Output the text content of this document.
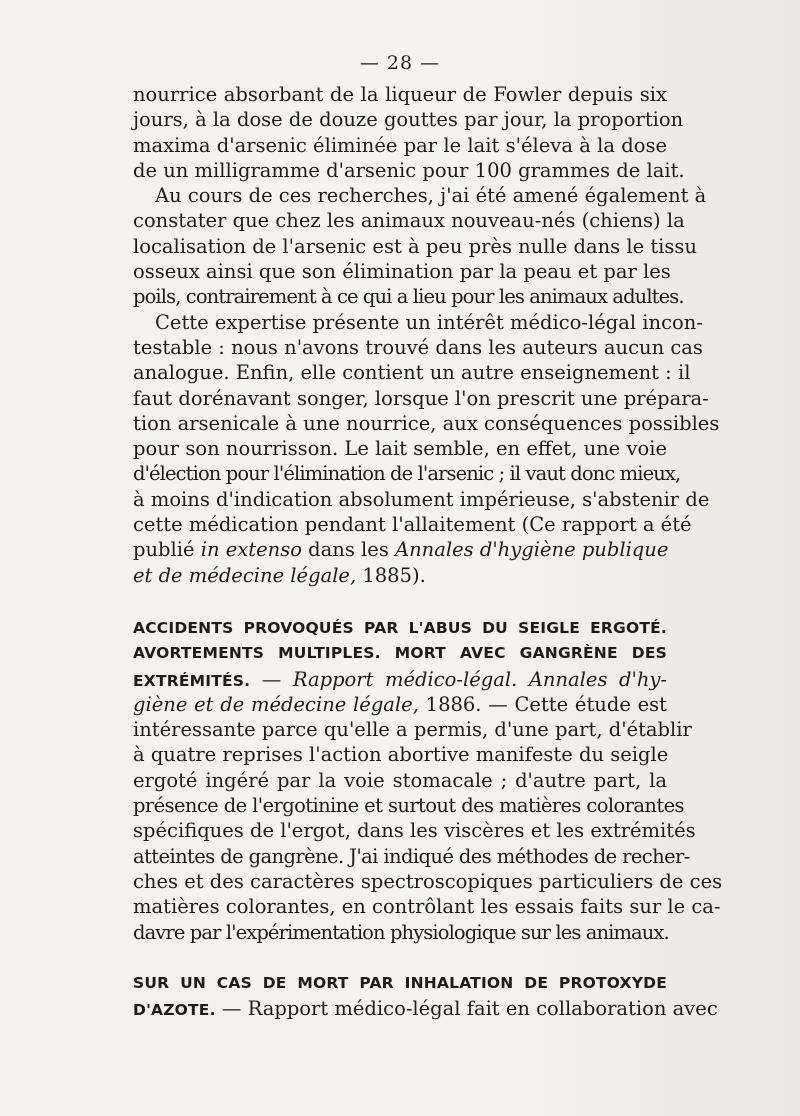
— 28 —
nourrice absorbant de la liqueur de Fowler depuis six
jours, à la dose de douze gouttes par jour, la proportion
maxima d'arsenic éliminée par le lait s'éleva à la dose
de un milligramme d'arsenic pour 100 grammes de lait.
Au cours de ces recherches, j'ai été amené également à
constater que chez les animaux nouveau-nés (chiens) la
localisation de l'arsenic est à peu près nulle dans le tissu
osseux ainsi que son élimination par la peau et par les
poils, contrairement à ce qui a lieu pour les animaux adultes.
Cette expertise présente un intérêt médico-légal incon-
testable : nous n'avons trouvé dans les auteurs aucun cas
analogue. Enfin, elle contient un autre enseignement : il
faut dorénavant songer, lorsque l'on prescrit une prépara-
tion arsenicale à une nourrice, aux conséquences possibles
pour son nourrisson. Le lait semble, en effet, une voie
d'élection pour l'élimination de l'arsenic ; il vaut donc mieux,
à moins d'indication absolument impérieuse, s'abstenir de
cette médication pendant l'allaitement (Ce rapport a été
publié in extenso dans les Annales d'hygiène publique
et de médecine légale, 1885).
ACCIDENTS PROVOQUÉS PAR L'ABUS DU SEIGLE ERGOTÉ.
AVORTEMENTS MULTIPLES. MORT AVEC GANGRÈNE DES
EXTRÉMITÉS. — Rapport médico-légal. Annales d'hy-
giène et de médecine légale, 1886. — Cette étude est
intéressante parce qu'elle a permis, d'une part, d'établir
à quatre reprises l'action abortive manifeste du seigle
ergoté ingéré par la voie stomacale ; d'autre part, la
présence de l'ergotinine et surtout des matières colorantes
spécifiques de l'ergot, dans les viscères et les extrémités
atteintes de gangrène. J'ai indiqué des méthodes de recher-
ches et des caractères spectroscopiques particuliers de ces
matières colorantes, en contrôlant les essais faits sur le ca-
davre par l'expérimentation physiologique sur les animaux.
SUR UN CAS DE MORT PAR INHALATION DE PROTOXYDE
D'AZOTE. — Rapport médico-légal fait en collaboration avec
